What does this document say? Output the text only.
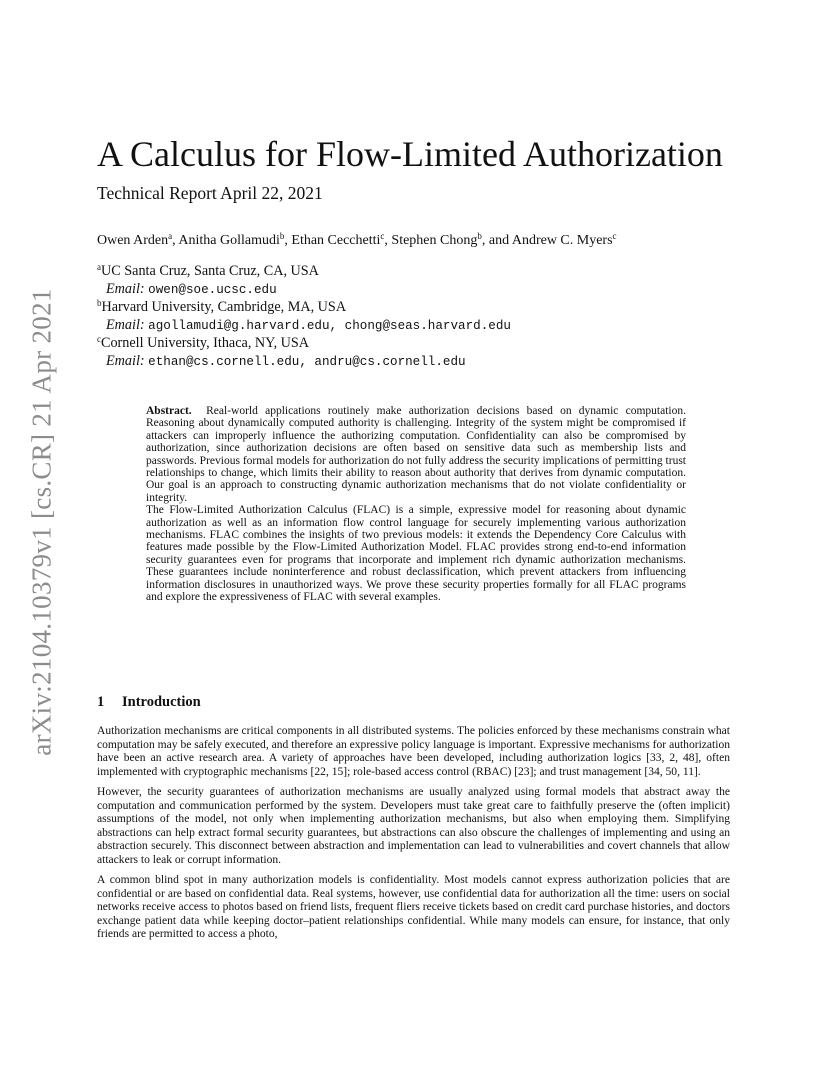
arXiv:2104.10379v1 [cs.CR] 21 Apr 2021
A Calculus for Flow-Limited Authorization
Technical Report April 22, 2021
Owen Arden$^a$, Anitha Gollamudi$^b$, Ethan Cecchetti$^c$, Stephen Chong$^b$, and Andrew C. Myers$^c$
$^a$UC Santa Cruz, Santa Cruz, CA, USA
Email: owen@soe.ucsc.edu
$^b$Harvard University, Cambridge, MA, USA
Email: agollamudi@g.harvard.edu, chong@seas.harvard.edu
$^c$Cornell University, Ithaca, NY, USA
Email: ethan@cs.cornell.edu, andru@cs.cornell.edu

Abstract. Real-world applications routinely make authorization decisions based on dynamic computation. Reasoning about dynamically computed authority is challenging. Integrity of the system might be compromised if attackers can improperly influence the authorizing computation. Confidentiality can also be compromised by authorization, since authorization decisions are often based on sensitive data such as membership lists and passwords. Previous formal models for authorization do not fully address the security implications of permitting trust relationships to change, which limits their ability to reason about authority that derives from dynamic computation. Our goal is an approach to constructing dynamic authorization mechanisms that do not violate confidentiality or integrity.

The Flow-Limited Authorization Calculus (FLAC) is a simple, expressive model for reasoning about dynamic authorization as well as an information flow control language for securely implementing various authorization mechanisms. FLAC combines the insights of two previous models: it extends the Dependency Core Calculus with features made possible by the Flow-Limited Authorization Model. FLAC provides strong end-to-end information security guarantees even for programs that incorporate and implement rich dynamic authorization mechanisms. These guarantees include noninterference and robust declassification, which prevent attackers from influencing information disclosures in unauthorized ways. We prove these security properties formally for all FLAC programs and explore the expressiveness of FLAC with several examples.

1 Introduction

Authorization mechanisms are critical components in all distributed systems. The policies enforced by these mechanisms constrain what computation may be safely executed, and therefore an expressive policy language is important. Expressive mechanisms for authorization have been an active research area. A variety of approaches have been developed, including authorization logics [33, 2, 48], often implemented with cryptographic mechanisms [22, 15]; role-based access control (RBAC) [23]; and trust management [34, 50, 11].

However, the security guarantees of authorization mechanisms are usually analyzed using formal models that abstract away the computation and communication performed by the system. Developers must take great care to faithfully preserve the (often implicit) assumptions of the model, not only when implementing authorization mechanisms, but also when employing them. Simplifying abstractions can help extract formal security guarantees, but abstractions can also obscure the challenges of implementing and using an abstraction securely. This disconnect between abstraction and implementation can lead to vulnerabilities and covert channels that allow attackers to leak or corrupt information.

A common blind spot in many authorization models is confidentiality. Most models cannot express authorization policies that are confidential or are based on confidential data. Real systems, however, use confidential data for authorization all the time: users on social networks receive access to photos based on friend lists, frequent fliers receive tickets based on credit card purchase histories, and doctors exchange patient data while keeping doctor–patient relationships confidential. While many models can ensure, for instance, that only friends are permitted to access a photo,
